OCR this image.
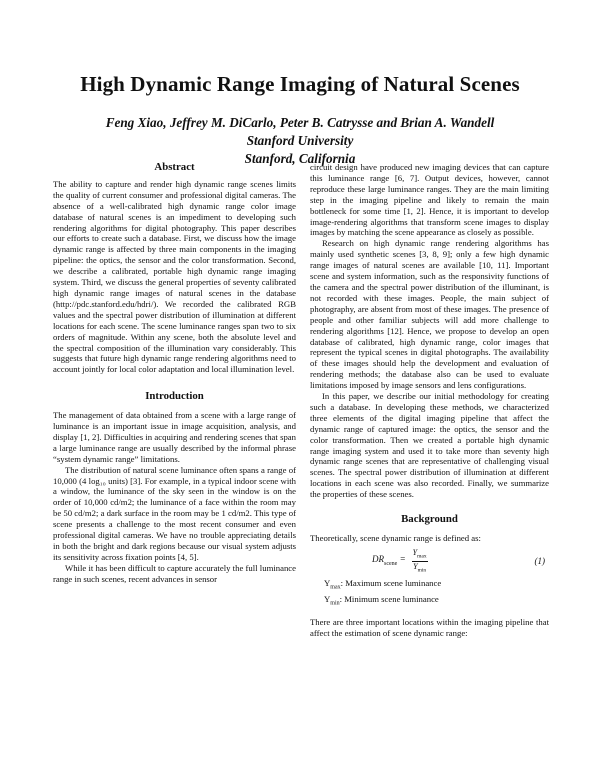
High Dynamic Range Imaging of Natural Scenes
Feng Xiao, Jeffrey M. DiCarlo, Peter B. Catrysse and Brian A. Wandell
Stanford University
Stanford, California
Abstract

The ability to capture and render high dynamic range scenes limits the quality of current consumer and professional digital cameras. The absence of a well-calibrated high dynamic range color image database of natural scenes is an impediment to developing such rendering algorithms for digital photography. This paper describes our efforts to create such a database. First, we discuss how the image dynamic range is affected by three main components in the imaging pipeline: the optics, the sensor and the color transformation. Second, we describe a calibrated, portable high dynamic range imaging system. Third, we discuss the general properties of seventy calibrated high dynamic range images of natural scenes in the database (http://pdc.stanford.edu/hdri/). We recorded the calibrated RGB values and the spectral power distribution of illumination at different locations for each scene. The scene luminance ranges span two to six orders of magnitude. Within any scene, both the absolute level and the spectral composition of the illumination vary considerably. This suggests that future high dynamic range rendering algorithms need to account jointly for local color adaptation and local illumination level.

Introduction

The management of data obtained from a scene with a large range of luminance is an important issue in image acquisition, analysis, and display [1, 2]. Difficulties in acquiring and rendering scenes that span a large luminance range are usually described by the informal phrase “system dynamic range” limitations.

The distribution of natural scene luminance often spans a range of 10,000 (4 log₁₀ units) [3]. For example, in a typical indoor scene with a window, the luminance of the sky seen in the window is on the order of 10,000 cd/m2; the luminance of a face within the room may be 50 cd/m2; a dark surface in the room may be 1 cd/m2. This type of scene presents a challenge to the most recent consumer and even professional digital cameras. We have no trouble appreciating details in both the bright and dark regions because our visual system adjusts its sensitivity across fixation points [4, 5].

While it has been difficult to capture accurately the full luminance range in such scenes, recent advances in sensor

circuit design have produced new imaging devices that can capture this luminance range [6, 7]. Output devices, however, cannot reproduce these large luminance ranges. They are the main limiting step in the imaging pipeline and likely to remain the main bottleneck for some time [1, 2]. Hence, it is important to develop image-rendering algorithms that transform scene images to display images by matching the scene appearance as closely as possible.

Research on high dynamic range rendering algorithms has mainly used synthetic scenes [3, 8, 9]; only a few high dynamic range images of natural scenes are available [10, 11]. Important scene and system information, such as the responsivity functions of the camera and the spectral power distribution of the illuminant, is not recorded with these images. People, the main subject of photography, are absent from most of these images. The presence of people and other familiar subjects will add more challenge to rendering algorithms [12]. Hence, we propose to develop an open database of calibrated, high dynamic range, color images that represent the typical scenes in digital photographs. The availability of these images should help the development and evaluation of rendering methods; the database also can be used to evaluate limitations imposed by image sensors and lens configurations.

In this paper, we describe our initial methodology for creating such a database. In developing these methods, we characterized three elements of the digital imaging pipeline that affect the dynamic range of captured image: the optics, the sensor and the color transformation. Then we created a portable high dynamic range imaging system and used it to take more than seventy high dynamic range scenes that are representative of challenging visual scenes. The spectral power distribution of illumination at different locations in each scene was also recorded. Finally, we summarize the properties of these scenes.

Background

Theoretically, scene dynamic range is defined as:

$DR_{scene} = \frac{Y_{max}}{Y_{min}}$	(1)
$Y_{max}$: Maximum scene luminance
$Y_{min}$: Minimum scene luminance

There are three important locations within the imaging pipeline that affect the estimation of scene dynamic range:
